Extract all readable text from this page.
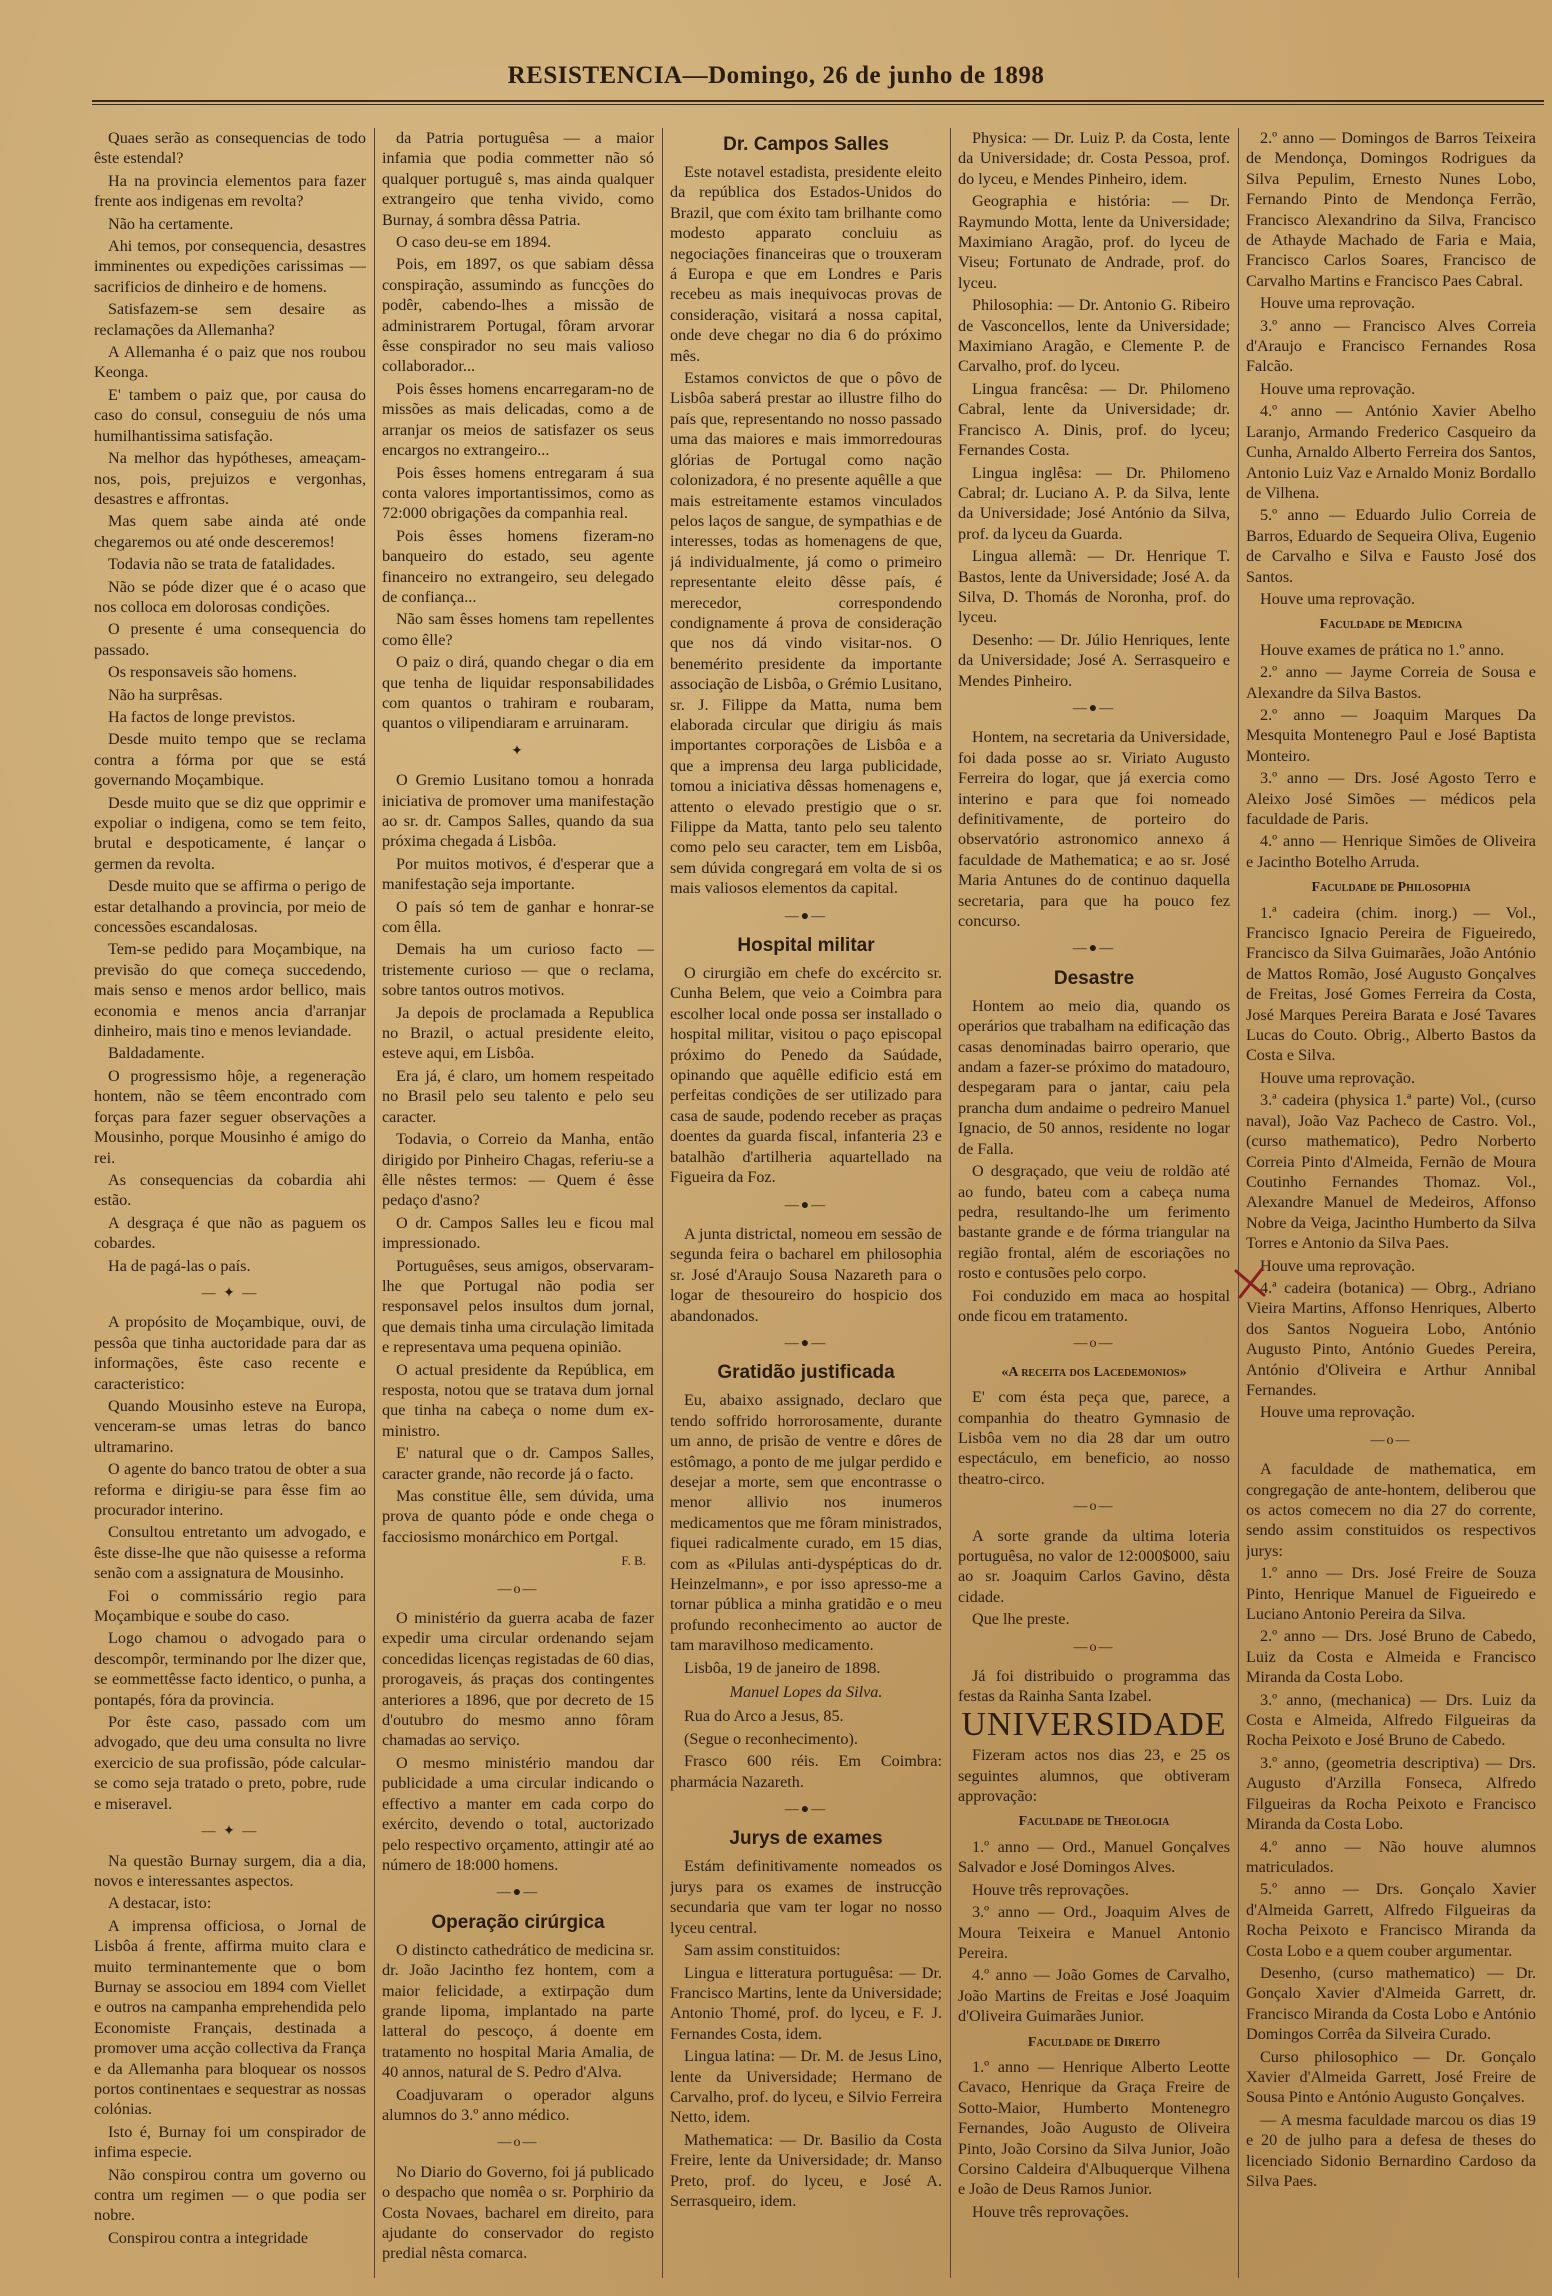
RESISTENCIA—Domingo, 26 de junho de 1898

Quaes serão as consequencias de todo êste estendal?

Ha na provincia elementos para fazer frente aos indigenas em revolta?

Não ha certamente.

Ahi temos, por consequencia, desastres imminentes ou expedições carissimas — sacrificios de dinheiro e de homens.

Satisfazem-se sem desaire as reclamações da Allemanha?

A Allemanha é o paiz que nos roubou Keonga.

E' tambem o paiz que, por causa do caso do consul, conseguiu de nós uma humilhantissima satisfação.

Na melhor das hypótheses, ameaçam-nos, pois, prejuizos e vergonhas, desastres e affrontas.

Mas quem sabe ainda até onde chegaremos ou até onde desceremos!

Todavia não se trata de fatalidades.

Não se póde dizer que é o acaso que nos colloca em dolorosas condições.

O presente é uma consequencia do passado.

Os responsaveis são homens.

Não ha surprêsas.

Ha factos de longe previstos.

Desde muito tempo que se reclama contra a fórma por que se está governando Moçambique.

Desde muito que se diz que opprimir e expoliar o indigena, como se tem feito, brutal e despoticamente, é lançar o germen da revolta.

Desde muito que se affirma o perigo de estar detalhando a provincia, por meio de concessões escandalosas.

Tem-se pedido para Moçambique, na previsão do que começa succedendo, mais senso e menos ardor bellico, mais economia e menos ancia d'arranjar dinheiro, mais tino e menos leviandade.

Baldadamente.

O progressismo hôje, a regeneração hontem, não se têem encontrado com forças para fazer seguer observações a Mousinho, porque Mousinho é amigo do rei.

As consequencias da cobardia ahi estão.

A desgraça é que não as paguem os cobardes.

Ha de pagá-las o país.

— ✦ —

A propósito de Moçambique, ouvi, de pessôa que tinha auctoridade para dar as informações, êste caso recente e caracteristico:

Quando Mousinho esteve na Europa, venceram-se umas letras do banco ultramarino.

O agente do banco tratou de obter a sua reforma e dirigiu-se para êsse fim ao procurador interino.

Consultou entretanto um advogado, e êste disse-lhe que não quisesse a reforma senão com a assignatura de Mousinho.

Foi o commissário regio para Moçambique e soube do caso.

Logo chamou o advogado para o descompôr, terminando por lhe dizer que, se eommettêsse facto identico, o punha, a pontapés, fóra da provincia.

Por êste caso, passado com um advogado, que deu uma consulta no livre exercicio de sua profissão, póde calcular-se como seja tratado o preto, pobre, rude e miseravel.

— ✦ —

Na questão Burnay surgem, dia a dia, novos e interessantes aspectos.

A destacar, isto:

A imprensa officiosa, o Jornal de Lisbôa á frente, affirma muito clara e muito terminantemente que o bom Burnay se associou em 1894 com Viellet e outros na campanha emprehendida pelo Economiste Français, destinada a promover uma acção collectiva da França e da Allemanha para bloquear os nossos portos continentaes e sequestrar as nossas colónias.

Isto é, Burnay foi um conspirador de infima especie.

Não conspirou contra um governo ou contra um regimen — o que podia ser nobre.

Conspirou contra a integridade

da Patria portuguêsa — a maior infamia que podia commetter não só qualquer portuguê s, mas ainda qualquer extrangeiro que tenha vivido, como Burnay, á sombra dêssa Patria.

O caso deu-se em 1894.

Pois, em 1897, os que sabiam dêssa conspiração, assumindo as funcções do podêr, cabendo-lhes a missão de administrarem Portugal, fôram arvorar êsse conspirador no seu mais valioso collaborador...

Pois êsses homens encarregaram-no de missões as mais delicadas, como a de arranjar os meios de satisfazer os seus encargos no extrangeiro...

Pois êsses homens entregaram á sua conta valores importantissimos, como as 72:000 obrigações da companhia real.

Pois êsses homens fizeram-no banqueiro do estado, seu agente financeiro no extrangeiro, seu delegado de confiança...

Não sam êsses homens tam repellentes como êlle?

O paiz o dirá, quando chegar o dia em que tenha de liquidar responsabilidades com quantos o trahiram e roubaram, quantos o vilipendiaram e arruinaram.

✦

O Gremio Lusitano tomou a honrada iniciativa de promover uma manifestação ao sr. dr. Campos Salles, quando da sua próxima chegada á Lisbôa.

Por muitos motivos, é d'esperar que a manifestação seja importante.

O país só tem de ganhar e honrar-se com êlla.

Demais ha um curioso facto — tristemente curioso — que o reclama, sobre tantos outros motivos.

Ja depois de proclamada a Republica no Brazil, o actual presidente eleito, esteve aqui, em Lisbôa.

Era já, é claro, um homem respeitado no Brasil pelo seu talento e pelo seu caracter.

Todavia, o Correio da Manha, então dirigido por Pinheiro Chagas, referiu-se a êlle nêstes termos: — Quem é êsse pedaço d'asno?

O dr. Campos Salles leu e ficou mal impressionado.

Portuguêses, seus amigos, observaram-lhe que Portugal não podia ser responsavel pelos insultos dum jornal, que demais tinha uma circulação limitada e representava uma pequena opinião.

O actual presidente da República, em resposta, notou que se tratava dum jornal que tinha na cabeça o nome dum ex-ministro.

E' natural que o dr. Campos Salles, caracter grande, não recorde já o facto.

Mas constitue êlle, sem dúvida, uma prova de quanto póde e onde chega o facciosismo monárchico em Portgal.

F. B.
—o—

O ministério da guerra acaba de fazer expedir uma circular ordenando sejam concedidas licenças registadas de 60 dias, prorogaveis, ás praças dos contingentes anteriores a 1896, que por decreto de 15 d'outubro do mesmo anno fôram chamadas ao serviço.

O mesmo ministério mandou dar publicidade a uma circular indicando o effectivo a manter em cada corpo do exército, devendo o total, auctorizado pelo respectivo orçamento, attingir até ao número de 18:000 homens.

—●—
Operação cirúrgica

O distincto cathedrático de medicina sr. dr. João Jacintho fez hontem, com a maior felicidade, a extirpação dum grande lipoma, implantado na parte latteral do pescoço, á doente em tratamento no hospital Maria Amalia, de 40 annos, natural de S. Pedro d'Alva.

Coadjuvaram o operador alguns alumnos do 3.º anno médico.

—o—

No Diario do Governo, foi já publicado o despacho que nomêa o sr. Porphirio da Costa Novaes, bacharel em direito, para ajudante do conservador do registo predial nêsta comarca.

Dr. Campos Salles

Este notavel estadista, presidente eleito da república dos Estados-Unidos do Brazil, que com éxito tam brilhante como modesto apparato concluiu as negociações financeiras que o trouxeram á Europa e que em Londres e Paris recebeu as mais inequivocas provas de consideração, visitará a nossa capital, onde deve chegar no dia 6 do próximo mês.

Estamos convictos de que o pôvo de Lisbôa saberá prestar ao illustre filho do país que, representando no nosso passado uma das maiores e mais immorredouras glórias de Portugal como nação colonizadora, é no presente aquêlle a que mais estreitamente estamos vinculados pelos laços de sangue, de sympathias e de interesses, todas as homenagens de que, já individualmente, já como o primeiro representante eleito dêsse país, é merecedor, correspondendo condignamente á prova de consideração que nos dá vindo visitar-nos. O benemérito presidente da importante associação de Lisbôa, o Grémio Lusitano, sr. J. Filippe da Matta, numa bem elaborada circular que dirigiu ás mais importantes corporações de Lisbôa e a que a imprensa deu larga publicidade, tomou a iniciativa dêssas homenagens e, attento o elevado prestigio que o sr. Filippe da Matta, tanto pelo seu talento como pelo seu caracter, tem em Lisbôa, sem dúvida congregará em volta de si os mais valiosos elementos da capital.

—●—
Hospital militar

O cirurgião em chefe do excército sr. Cunha Belem, que veio a Coimbra para escolher local onde possa ser installado o hospital militar, visitou o paço episcopal próximo do Penedo da Saúdade, opinando que aquêlle edificio está em perfeitas condições de ser utilizado para casa de saude, podendo receber as praças doentes da guarda fiscal, infanteria 23 e batalhão d'artilheria aquartellado na Figueira da Foz.

—●—

A junta districtal, nomeou em sessão de segunda feira o bacharel em philosophia sr. José d'Araujo Sousa Nazareth para o logar de thesoureiro do hospicio dos abandonados.

—●—
Gratidão justificada

Eu, abaixo assignado, declaro que tendo soffrido horrorosamente, durante um anno, de prisão de ventre e dôres de estômago, a ponto de me julgar perdido e desejar a morte, sem que encontrasse o menor allivio nos inumeros medicamentos que me fôram ministrados, fiquei radicalmente curado, em 15 dias, com as «Pilulas anti-dyspépticas do dr. Heinzelmann», e por isso apresso-me a tornar pública a minha gratidão e o meu profundo reconhecimento ao auctor de tam maravilhoso medicamento.

Lisbôa, 19 de janeiro de 1898.

Manuel Lopes da Silva.

Rua do Arco a Jesus, 85.

(Segue o reconhecimento).

Frasco 600 réis. Em Coimbra: pharmácia Nazareth.

—●—
Jurys de exames

Estám definitivamente nomeados os jurys para os exames de instrucção secundaria que vam ter logar no nosso lyceu central.

Sam assim constituidos:

Lingua e litteratura portuguêsa: — Dr. Francisco Martins, lente da Universidade; Antonio Thomé, prof. do lyceu, e F. J. Fernandes Costa, idem.

Lingua latina: — Dr. M. de Jesus Lino, lente da Universidade; Hermano de Carvalho, prof. do lyceu, e Silvio Ferreira Netto, idem.

Mathematica: — Dr. Basilio da Costa Freire, lente da Universidade; dr. Manso Preto, prof. do lyceu, e José A. Serrasqueiro, idem.

Physica: — Dr. Luiz P. da Costa, lente da Universidade; dr. Costa Pessoa, prof. do lyceu, e Mendes Pinheiro, idem.

Geographia e história: — Dr. Raymundo Motta, lente da Universidade; Maximiano Aragão, prof. do lyceu de Viseu; Fortunato de Andrade, prof. do lyceu.

Philosophia: — Dr. Antonio G. Ribeiro de Vasconcellos, lente da Universidade; Maximiano Aragão, e Clemente P. de Carvalho, prof. do lyceu.

Lingua francêsa: — Dr. Philomeno Cabral, lente da Universidade; dr. Francisco A. Dinis, prof. do lyceu; Fernandes Costa.

Lingua inglêsa: — Dr. Philomeno Cabral; dr. Luciano A. P. da Silva, lente da Universidade; José António da Silva, prof. da lyceu da Guarda.

Lingua allemã: — Dr. Henrique T. Bastos, lente da Universidade; José A. da Silva, D. Thomás de Noronha, prof. do lyceu.

Desenho: — Dr. Júlio Henriques, lente da Universidade; José A. Serrasqueiro e Mendes Pinheiro.

—●—

Hontem, na secretaria da Universidade, foi dada posse ao sr. Viriato Augusto Ferreira do logar, que já exercia como interino e para que foi nomeado definitivamente, de porteiro do observatório astronomico annexo á faculdade de Mathematica; e ao sr. José Maria Antunes do de continuo daquella secretaria, para que ha pouco fez concurso.

—●—
Desastre

Hontem ao meio dia, quando os operários que trabalham na edificação das casas denominadas bairro operario, que andam a fazer-se próximo do matadouro, despegaram para o jantar, caiu pela prancha dum andaime o pedreiro Manuel Ignacio, de 50 annos, residente no logar de Falla.

O desgraçado, que veiu de roldão até ao fundo, bateu com a cabeça numa pedra, resultando-lhe um ferimento bastante grande e de fórma triangular na região frontal, além de escoriações no rosto e contusões pelo corpo.

Foi conduzido em maca ao hospital onde ficou em tratamento.

—o—
«A receita dos Lacedemonios»

E' com ésta peça que, parece, a companhia do theatro Gymnasio de Lisbôa vem no dia 28 dar um outro espectáculo, em beneficio, ao nosso theatro-circo.

—o—

A sorte grande da ultima loteria portuguêsa, no valor de 12:000$000, saiu ao sr. Joaquim Carlos Gavino, dêsta cidade.

Que lhe preste.

—o—

Já foi distribuido o programma das festas da Rainha Santa Izabel.

UNIVERSIDADE

Fizeram actos nos dias 23, e 25 os seguintes alumnos, que obtiveram approvação:

Faculdade de Theologia

1.º anno — Ord., Manuel Gonçalves Salvador e José Domingos Alves.

Houve três reprovações.

3.º anno — Ord., Joaquim Alves de Moura Teixeira e Manuel Antonio Pereira.

4.º anno — João Gomes de Carvalho, João Martins de Freitas e José Joaquim d'Oliveira Guimarães Junior.

Faculdade de Direito

1.º anno — Henrique Alberto Leotte Cavaco, Henrique da Graça Freire de Sotto-Maior, Humberto Montenegro Fernandes, João Augusto de Oliveira Pinto, João Corsino da Silva Junior, João Corsino Caldeira d'Albuquerque Vilhena e João de Deus Ramos Junior.

Houve três reprovações.

2.º anno — Domingos de Barros Teixeira de Mendonça, Domingos Rodrigues da Silva Pepulim, Ernesto Nunes Lobo, Fernando Pinto de Mendonça Ferrão, Francisco Alexandrino da Silva, Francisco de Athayde Machado de Faria e Maia, Francisco Carlos Soares, Francisco de Carvalho Martins e Francisco Paes Cabral.

Houve uma reprovação.

3.º anno — Francisco Alves Correia d'Araujo e Francisco Fernandes Rosa Falcão.

Houve uma reprovação.

4.º anno — António Xavier Abelho Laranjo, Armando Frederico Casqueiro da Cunha, Arnaldo Alberto Ferreira dos Santos, Antonio Luiz Vaz e Arnaldo Moniz Bordallo de Vilhena.

5.º anno — Eduardo Julio Correia de Barros, Eduardo de Sequeira Oliva, Eugenio de Carvalho e Silva e Fausto José dos Santos.

Houve uma reprovação.

Faculdade de Medicina

Houve exames de prática no 1.º anno.

2.º anno — Jayme Correia de Sousa e Alexandre da Silva Bastos.

2.º anno — Joaquim Marques Da Mesquita Montenegro Paul e José Baptista Monteiro.

3.º anno — Drs. José Agosto Terro e Aleixo José Simões — médicos pela faculdade de Paris.

4.º anno — Henrique Simões de Oliveira e Jacintho Botelho Arruda.

Faculdade de Philosophia

1.ª cadeira (chim. inorg.) — Vol., Francisco Ignacio Pereira de Figueiredo, Francisco da Silva Guimarães, João António de Mattos Romão, José Augusto Gonçalves de Freitas, José Gomes Ferreira da Costa, José Marques Pereira Barata e José Tavares Lucas do Couto. Obrig., Alberto Bastos da Costa e Silva.

Houve uma reprovação.

3.ª cadeira (physica 1.ª parte) Vol., (curso naval), João Vaz Pacheco de Castro. Vol., (curso mathematico), Pedro Norberto Correia Pinto d'Almeida, Fernão de Moura Coutinho Fernandes Thomaz. Vol., Alexandre Manuel de Medeiros, Affonso Nobre da Veiga, Jacintho Humberto da Silva Torres e Antonio da Silva Paes.

Houve uma reprovação.

4.ª cadeira (botanica) — Obrg., Adriano Vieira Martins, Affonso Henriques, Alberto dos Santos Nogueira Lobo, António Augusto Pinto, António Guedes Pereira, António d'Oliveira e Arthur Annibal Fernandes.

Houve uma reprovação.

—o—

A faculdade de mathematica, em congregação de ante-hontem, deliberou que os actos comecem no dia 27 do corrente, sendo assim constituidos os respectivos jurys:

1.º anno — Drs. José Freire de Souza Pinto, Henrique Manuel de Figueiredo e Luciano Antonio Pereira da Silva.

2.º anno — Drs. José Bruno de Cabedo, Luiz da Costa e Almeida e Francisco Miranda da Costa Lobo.

3.º anno, (mechanica) — Drs. Luiz da Costa e Almeida, Alfredo Filgueiras da Rocha Peixoto e José Bruno de Cabedo.

3.º anno, (geometria descriptiva) — Drs. Augusto d'Arzilla Fonseca, Alfredo Filgueiras da Rocha Peixoto e Francisco Miranda da Costa Lobo.

4.º anno — Não houve alumnos matriculados.

5.º anno — Drs. Gonçalo Xavier d'Almeida Garrett, Alfredo Filgueiras da Rocha Peixoto e Francisco Miranda da Costa Lobo e a quem couber argumentar.

Desenho, (curso mathematico) — Dr. Gonçalo Xavier d'Almeida Garrett, dr. Francisco Miranda da Costa Lobo e António Domingos Corrêa da Silveira Curado.

Curso philosophico — Dr. Gonçalo Xavier d'Almeida Garrett, José Freire de Sousa Pinto e António Augusto Gonçalves.

— A mesma faculdade marcou os dias 19 e 20 de julho para a defesa de theses do licenciado Sidonio Bernardino Cardoso da Silva Paes.
